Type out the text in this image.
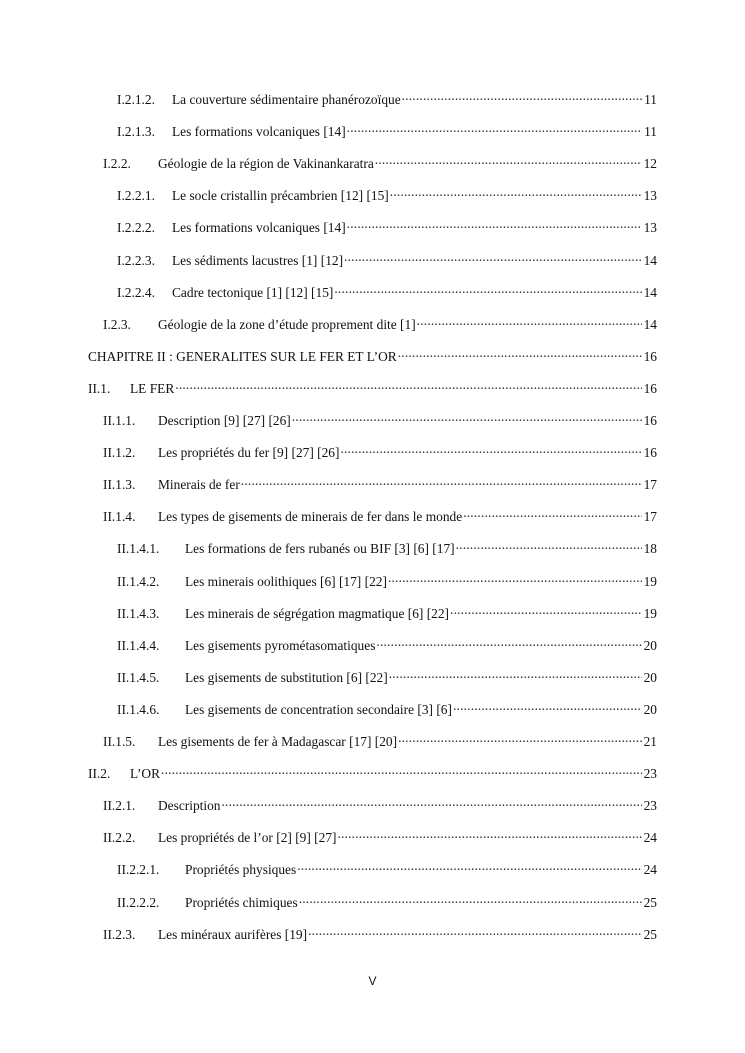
I.2.1.2.	La couverture sédimentaire phanérozoïque .....	11
I.2.1.3.	Les formations volcaniques [14] .....	11
I.2.2.	Géologie de la région de Vakinankaratra .....	12
I.2.2.1.	Le socle cristallin précambrien [12] [15] .....	13
I.2.2.2.	Les formations volcaniques [14] .....	13
I.2.2.3.	Les sédiments lacustres [1] [12] .....	14
I.2.2.4.	Cadre tectonique [1] [12] [15] .....	14
I.2.3.	Géologie de la zone d’étude proprement dite [1] .....	14
CHAPITRE II : GENERALITES SUR LE FER ET L’OR .....	16
II.1.	LE FER .....	16
II.1.1.	Description [9] [27] [26] .....	16
II.1.2.	Les propriétés du fer [9] [27] [26] .....	16
II.1.3.	Minerais de fer .....	17
II.1.4.	Les types de gisements de minerais de fer dans le monde .....	17
II.1.4.1.	Les formations de fers rubanés ou BIF [3] [6] [17] .....	18
II.1.4.2.	Les minerais oolithiques [6] [17] [22] .....	19
II.1.4.3.	Les minerais de ségrégation magmatique [6] [22] .....	19
II.1.4.4.	Les gisements pyrométasomatiques .....	20
II.1.4.5.	Les gisements de substitution [6] [22] .....	20
II.1.4.6.	Les gisements de concentration secondaire [3] [6] .....	20
II.1.5.	Les gisements de fer à Madagascar [17] [20] .....	21
II.2.	L’OR .....	23
II.2.1.	Description .....	23
II.2.2.	Les propriétés de l’or [2] [9] [27] .....	24
II.2.2.1.	Propriétés physiques .....	24
II.2.2.2.	Propriétés chimiques .....	25
II.2.3.	Les minéraux aurifères [19] .....	25
V
